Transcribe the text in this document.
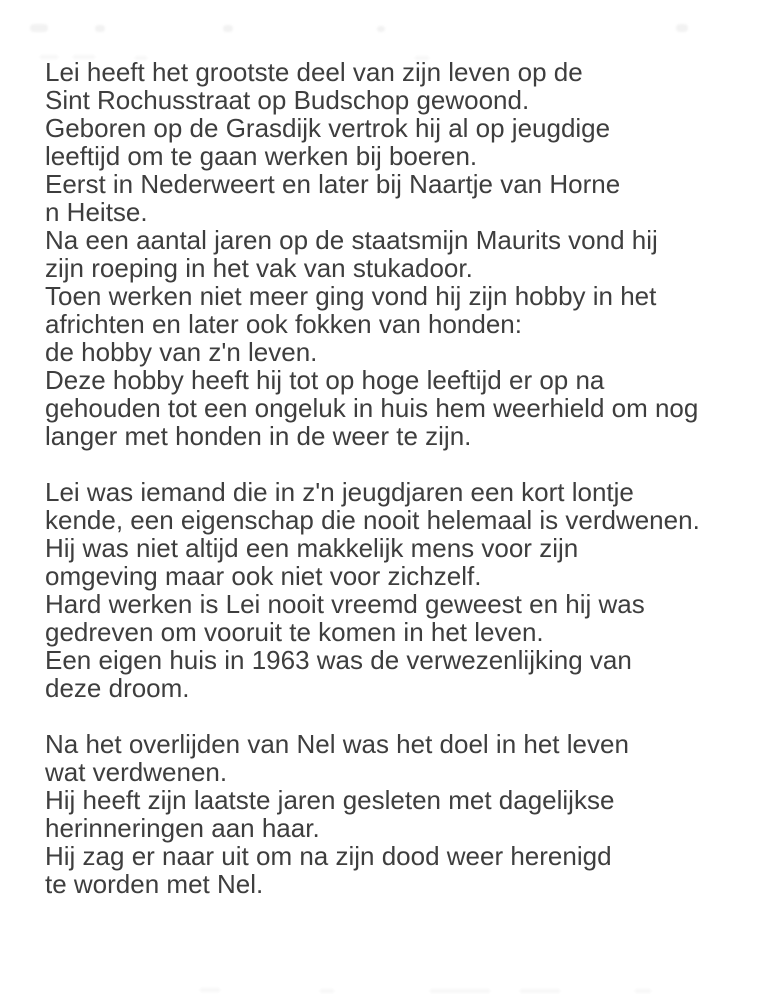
Lei heeft het grootste deel van zijn leven op de
Sint Rochusstraat op Budschop gewoond.
Geboren op de Grasdijk vertrok hij al op jeugdige
leeftijd om te gaan werken bij boeren.
Eerst in Nederweert en later bij Naartje van Horne
n Heitse.
Na een aantal jaren op de staatsmijn Maurits vond hij
zijn roeping in het vak van stukadoor.
Toen werken niet meer ging vond hij zijn hobby in het
africhten en later ook fokken van honden:
de hobby van z'n leven.
Deze hobby heeft hij tot op hoge leeftijd er op na
gehouden tot een ongeluk in huis hem weerhield om nog
langer met honden in de weer te zijn.
Lei was iemand die in z'n jeugdjaren een kort lontje
kende, een eigenschap die nooit helemaal is verdwenen.
Hij was niet altijd een makkelijk mens voor zijn
omgeving maar ook niet voor zichzelf.
Hard werken is Lei nooit vreemd geweest en hij was
gedreven om vooruit te komen in het leven.
Een eigen huis in 1963 was de verwezenlijking van
deze droom.
Na het overlijden van Nel was het doel in het leven
wat verdwenen.
Hij heeft zijn laatste jaren gesleten met dagelijkse
herinneringen aan haar.
Hij zag er naar uit om na zijn dood weer herenigd
te worden met Nel.
